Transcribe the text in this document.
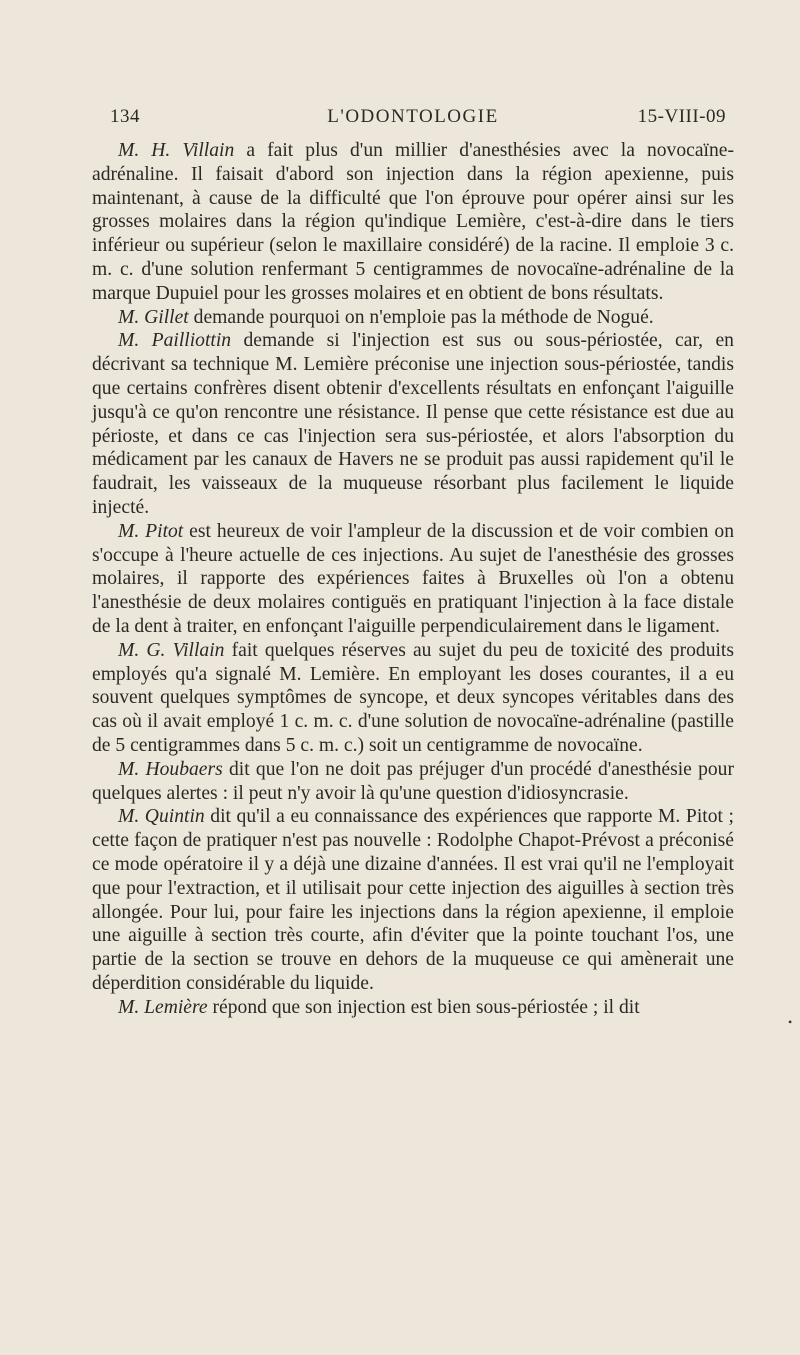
134	L'ODONTOLOGIE	15-VIII-09

M. H. Villain a fait plus d'un millier d'anesthésies avec la novocaïne-adrénaline. Il faisait d'abord son injection dans la région apexienne, puis maintenant, à cause de la difficulté que l'on éprouve pour opérer ainsi sur les grosses molaires dans la région qu'indique Lemière, c'est-à-dire dans le tiers inférieur ou supérieur (selon le maxillaire considéré) de la racine. Il emploie 3 c. m. c. d'une solution renfermant 5 centigrammes de novocaïne-adrénaline de la marque Dupuiel pour les grosses molaires et en obtient de bons résultats.

M. Gillet demande pourquoi on n'emploie pas la méthode de Nogué.

M. Pailliottin demande si l'injection est sus ou sous-périostée, car, en décrivant sa technique M. Lemière préconise une injection sous-périostée, tandis que certains confrères disent obtenir d'excellents résultats en enfonçant l'aiguille jusqu'à ce qu'on rencontre une résistance. Il pense que cette résistance est due au périoste, et dans ce cas l'injection sera sus-périostée, et alors l'absorption du médicament par les canaux de Havers ne se produit pas aussi rapidement qu'il le faudrait, les vaisseaux de la muqueuse résorbant plus facilement le liquide injecté.

M. Pitot est heureux de voir l'ampleur de la discussion et de voir combien on s'occupe à l'heure actuelle de ces injections. Au sujet de l'anesthésie des grosses molaires, il rapporte des expériences faites à Bruxelles où l'on a obtenu l'anesthésie de deux molaires contiguës en pratiquant l'injection à la face distale de la dent à traiter, en enfonçant l'aiguille perpendiculairement dans le ligament.

M. G. Villain fait quelques réserves au sujet du peu de toxicité des produits employés qu'a signalé M. Lemière. En employant les doses courantes, il a eu souvent quelques symptômes de syncope, et deux syncopes véritables dans des cas où il avait employé 1 c. m. c. d'une solution de novocaïne-adrénaline (pastille de 5 centigrammes dans 5 c. m. c.) soit un centigramme de novocaïne.

M. Houbaers dit que l'on ne doit pas préjuger d'un procédé d'anesthésie pour quelques alertes : il peut n'y avoir là qu'une question d'idiosyncrasie.

M. Quintin dit qu'il a eu connaissance des expériences que rapporte M. Pitot ; cette façon de pratiquer n'est pas nouvelle : Rodolphe Chapot-Prévost a préconisé ce mode opératoire il y a déjà une dizaine d'années. Il est vrai qu'il ne l'employait que pour l'extraction, et il utilisait pour cette injection des aiguilles à section très allongée. Pour lui, pour faire les injections dans la région apexienne, il emploie une aiguille à section très courte, afin d'éviter que la pointe touchant l'os, une partie de la section se trouve en dehors de la muqueuse ce qui amènerait une déperdition considérable du liquide.

M. Lemière répond que son injection est bien sous-périostée ; il dit

•
